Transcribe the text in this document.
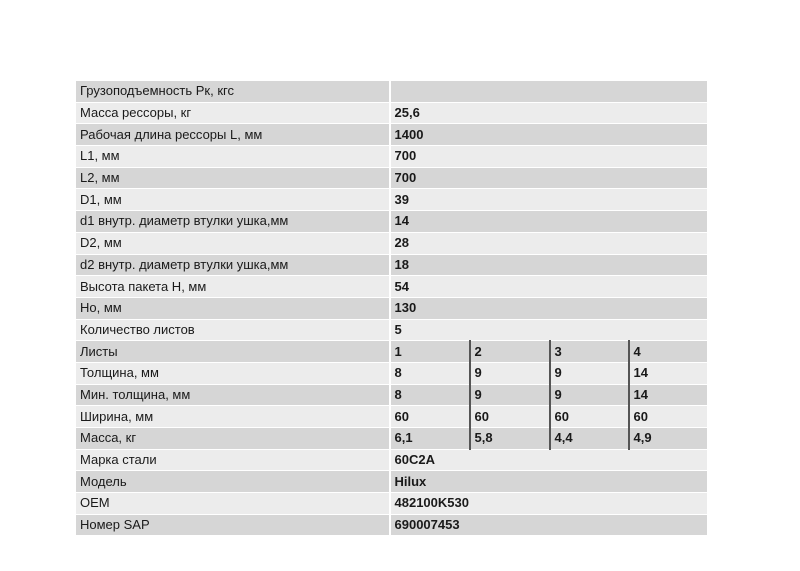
Грузоподъемность Рк, кгс				
Масса рессоры, кг	25,6			
Рабочая длина рессоры L, мм	1400			
L1, мм	700			
L2, мм	700			
D1, мм	39			
d1 внутр. диаметр втулки ушка,мм	14			
D2, мм	28			
d2 внутр. диаметр втулки ушка,мм	18			
Высота пакета Н, мм	54			
Но, мм	130			
Количество листов	5			
Листы	1	2	3	4
Толщина, мм	8	9	9	14
Мин. толщина, мм	8	9	9	14
Ширина, мм	60	60	60	60
Масса, кг	6,1	5,8	4,4	4,9
Марка стали	60С2А			
Модель	Hilux			
OEM	482100K530			
Номер SAP	690007453			
